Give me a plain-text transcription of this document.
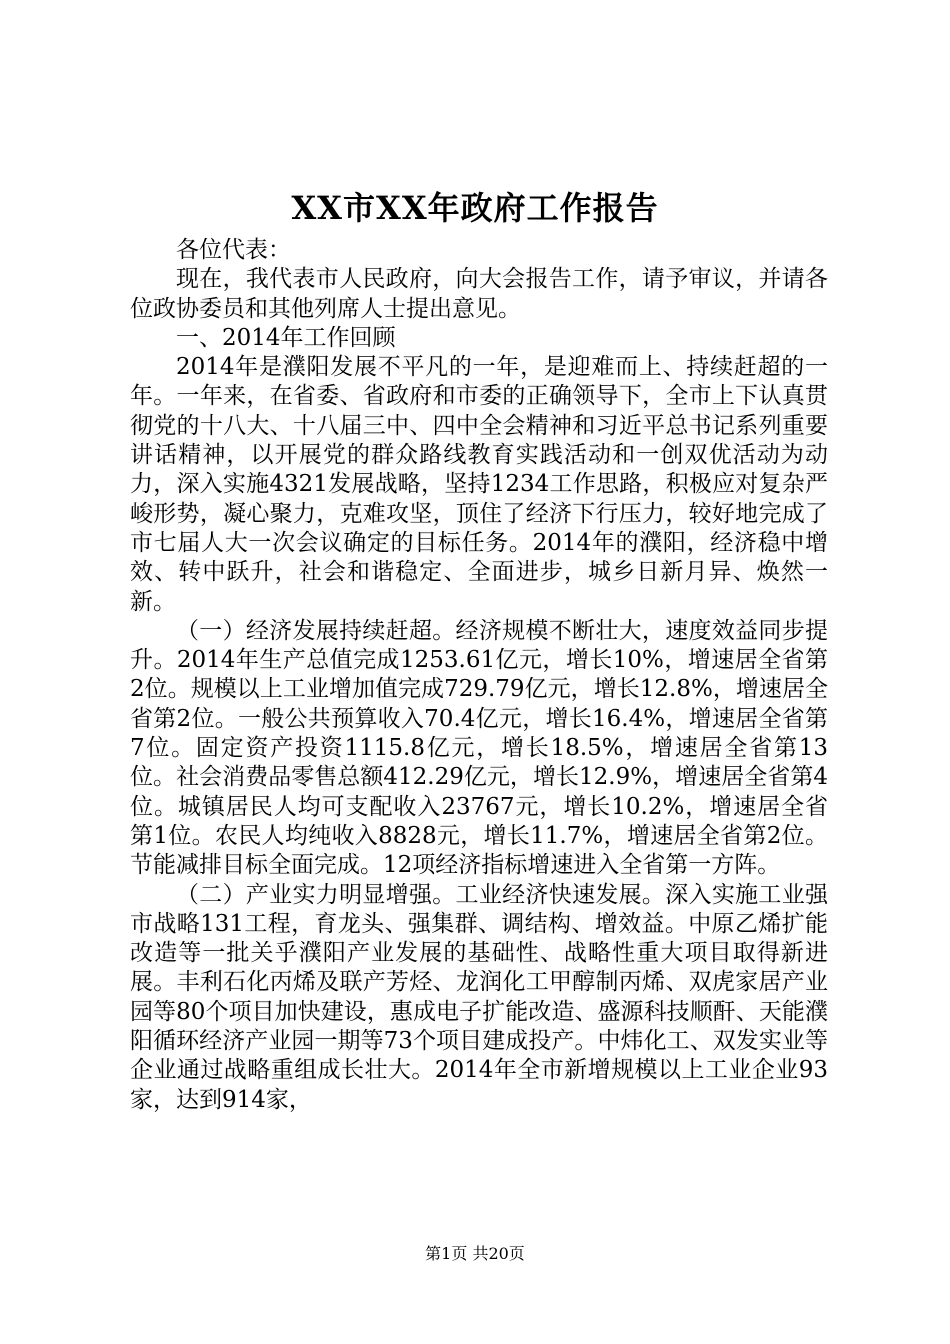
XX市XX年政府工作报告

各位代表：

现在，我代表市人民政府，向大会报告工作，请予审议，并请各位政协委员和其他列席人士提出意见。

一、2014年工作回顾

2014年是濮阳发展不平凡的一年，是迎难而上、持续赶超的一年。一年来，在省委、省政府和市委的正确领导下，全市上下认真贯彻党的十八大、十八届三中、四中全会精神和习近平总书记系列重要讲话精神，以开展党的群众路线教育实践活动和一创双优活动为动力，深入实施4321发展战略，坚持1234工作思路，积极应对复杂严峻形势，凝心聚力，克难攻坚，顶住了经济下行压力，较好地完成了市七届人大一次会议确定的目标任务。2014年的濮阳，经济稳中增效、转中跃升，社会和谐稳定、全面进步，城乡日新月异、焕然一新。

（一）经济发展持续赶超。经济规模不断壮大，速度效益同步提升。2014年生产总值完成1253.61亿元，增长10%，增速居全省第2位。规模以上工业增加值完成729.79亿元，增长12.8%，增速居全省第2位。一般公共预算收入70.4亿元，增长16.4%，增速居全省第7位。固定资产投资1115.8亿元，增长18.5%，增速居全省第13位。社会消费品零售总额412.29亿元，增长12.9%，增速居全省第4位。城镇居民人均可支配收入23767元，增长10.2%，增速居全省第1位。农民人均纯收入8828元，增长11.7%，增速居全省第2位。节能减排目标全面完成。12项经济指标增速进入全省第一方阵。

（二）产业实力明显增强。工业经济快速发展。深入实施工业强市战略131工程，育龙头、强集群、调结构、增效益。中原乙烯扩能改造等一批关乎濮阳产业发展的基础性、战略性重大项目取得新进展。丰利石化丙烯及联产芳烃、龙润化工甲醇制丙烯、双虎家居产业园等80个项目加快建设，惠成电子扩能改造、盛源科技顺酐、天能濮阳循环经济产业园一期等73个项目建成投产。中炜化工、双发实业等企业通过战略重组成长壮大。2014年全市新增规模以上工业企业93家，达到914家，

第1页 共20页
